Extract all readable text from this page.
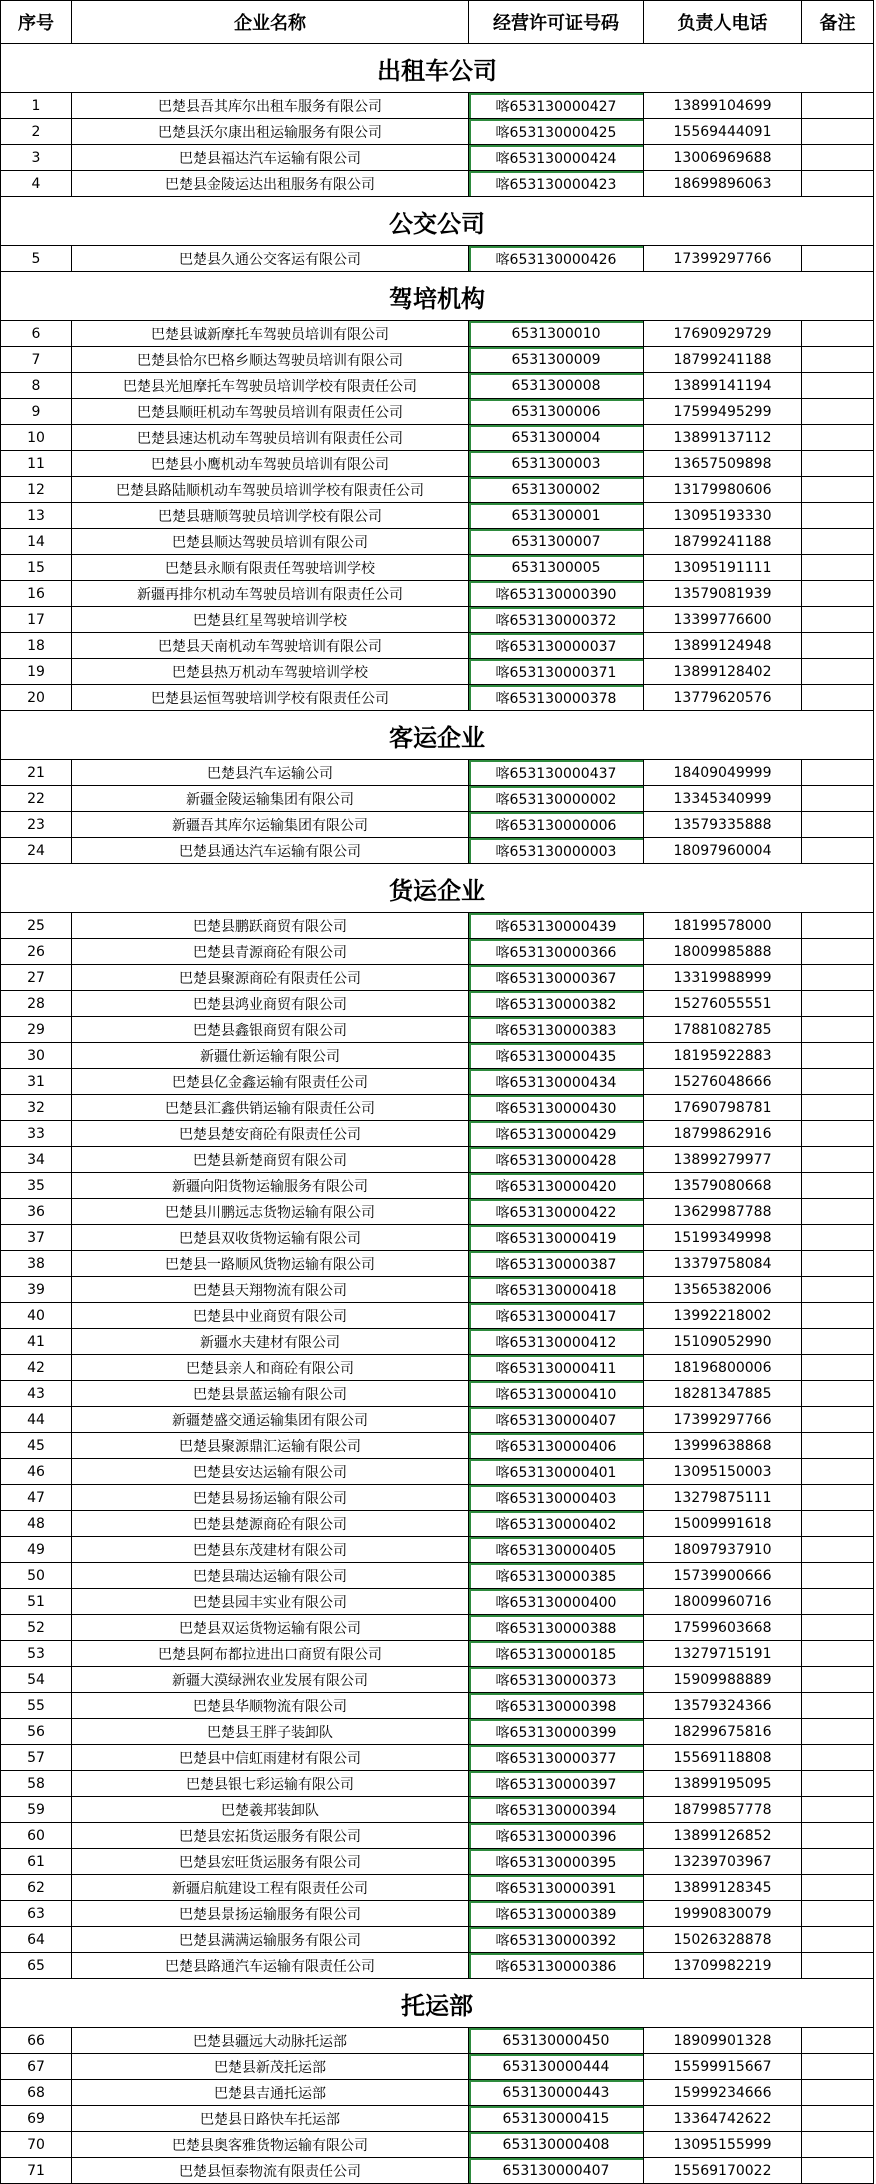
序号	企业名称	经营许可证号码	负责人电话	备注
出租车公司				
1	巴楚县吾其库尔出租车服务有限公司	喀653130000427	13899104699	
2	巴楚县沃尔康出租运输服务有限公司	喀653130000425	15569444091	
3	巴楚县福达汽车运输有限公司	喀653130000424	13006969688	
4	巴楚县金陵运达出租服务有限公司	喀653130000423	18699896063	
公交公司				
5	巴楚县久通公交客运有限公司	喀653130000426	17399297766	
驾培机构				
6	巴楚县诚新摩托车驾驶员培训有限公司	6531300010	17690929729	
7	巴楚县恰尔巴格乡顺达驾驶员培训有限公司	6531300009	18799241188	
8	巴楚县光旭摩托车驾驶员培训学校有限责任公司	6531300008	13899141194	
9	巴楚县顺旺机动车驾驶员培训有限责任公司	6531300006	17599495299	
10	巴楚县速达机动车驾驶员培训有限责任公司	6531300004	13899137112	
11	巴楚县小鹰机动车驾驶员培训有限公司	6531300003	13657509898	
12	巴楚县路陆顺机动车驾驶员培训学校有限责任公司	6531300002	13179980606	
13	巴楚县瑭顺驾驶员培训学校有限公司	6531300001	13095193330	
14	巴楚县顺达驾驶员培训有限公司	6531300007	18799241188	
15	巴楚县永顺有限责任驾驶培训学校	6531300005	13095191111	
16	新疆再排尔机动车驾驶员培训有限责任公司	喀653130000390	13579081939	
17	巴楚县红星驾驶培训学校	喀653130000372	13399776600	
18	巴楚县天南机动车驾驶培训有限公司	喀653130000037	13899124948	
19	巴楚县热万机动车驾驶培训学校	喀653130000371	13899128402	
20	巴楚县运恒驾驶培训学校有限责任公司	喀653130000378	13779620576	
客运企业				
21	巴楚县汽车运输公司	喀653130000437	18409049999	
22	新疆金陵运输集团有限公司	喀653130000002	13345340999	
23	新疆吾其库尔运输集团有限公司	喀653130000006	13579335888	
24	巴楚县通达汽车运输有限公司	喀653130000003	18097960004	
货运企业				
25	巴楚县鹏跃商贸有限公司	喀653130000439	18199578000	
26	巴楚县青源商砼有限公司	喀653130000366	18009985888	
27	巴楚县聚源商砼有限责任公司	喀653130000367	13319988999	
28	巴楚县鸿业商贸有限公司	喀653130000382	15276055551	
29	巴楚县鑫银商贸有限公司	喀653130000383	17881082785	
30	新疆仕新运输有限公司	喀653130000435	18195922883	
31	巴楚县亿金鑫运输有限责任公司	喀653130000434	15276048666	
32	巴楚县汇鑫供销运输有限责任公司	喀653130000430	17690798781	
33	巴楚县楚安商砼有限责任公司	喀653130000429	18799862916	
34	巴楚县新楚商贸有限公司	喀653130000428	13899279977	
35	新疆向阳货物运输服务有限公司	喀653130000420	13579080668	
36	巴楚县川鹏远志货物运输有限公司	喀653130000422	13629987788	
37	巴楚县双收货物运输有限公司	喀653130000419	15199349998	
38	巴楚县一路顺风货物运输有限公司	喀653130000387	13379758084	
39	巴楚县天翔物流有限公司	喀653130000418	13565382006	
40	巴楚县中业商贸有限公司	喀653130000417	13992218002	
41	新疆水夫建材有限公司	喀653130000412	15109052990	
42	巴楚县亲人和商砼有限公司	喀653130000411	18196800006	
43	巴楚县景蓝运输有限公司	喀653130000410	18281347885	
44	新疆楚盛交通运输集团有限公司	喀653130000407	17399297766	
45	巴楚县聚源鼎汇运输有限公司	喀653130000406	13999638868	
46	巴楚县安达运输有限公司	喀653130000401	13095150003	
47	巴楚县易扬运输有限公司	喀653130000403	13279875111	
48	巴楚县楚源商砼有限公司	喀653130000402	15009991618	
49	巴楚县东茂建材有限公司	喀653130000405	18097937910	
50	巴楚县瑞达运输有限公司	喀653130000385	15739900666	
51	巴楚县园丰实业有限公司	喀653130000400	18009960716	
52	巴楚县双运货物运输有限公司	喀653130000388	17599603668	
53	巴楚县阿布都拉进出口商贸有限公司	喀653130000185	13279715191	
54	新疆大漠绿洲农业发展有限公司	喀653130000373	15909988889	
55	巴楚县华顺物流有限公司	喀653130000398	13579324366	
56	巴楚县王胖子装卸队	喀653130000399	18299675816	
57	巴楚县中信虹雨建材有限公司	喀653130000377	15569118808	
58	巴楚县银七彩运输有限公司	喀653130000397	13899195095	
59	巴楚羲邦装卸队	喀653130000394	18799857778	
60	巴楚县宏拓货运服务有限公司	喀653130000396	13899126852	
61	巴楚县宏旺货运服务有限公司	喀653130000395	13239703967	
62	新疆启航建设工程有限责任公司	喀653130000391	13899128345	
63	巴楚县景扬运输服务有限公司	喀653130000389	19990830079	
64	巴楚县满满运输服务有限公司	喀653130000392	15026328878	
65	巴楚县路通汽车运输有限责任公司	喀653130000386	13709982219	
托运部				
66	巴楚县疆远大动脉托运部	653130000450	18909901328	
67	巴楚县新茂托运部	653130000444	15599915667	
68	巴楚县吉通托运部	653130000443	15999234666	
69	巴楚县日路快车托运部	653130000415	13364742622	
70	巴楚县奥客雅货物运输有限公司	653130000408	13095155999	
71	巴楚县恒泰物流有限责任公司	653130000407	15569170022	
